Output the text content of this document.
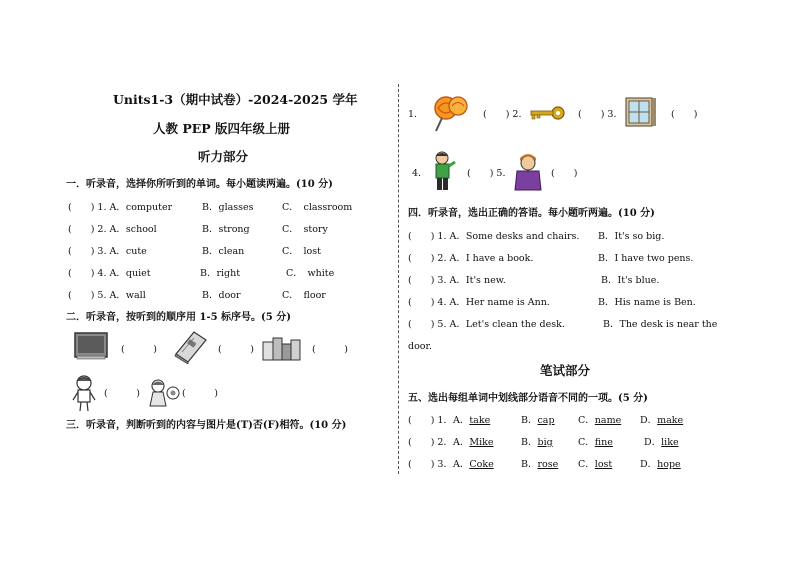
Units1-3（期中试卷）-2024-2025 学年
人教 PEP 版四年级上册
听力部分
一．听录音，选择你所听到的单词。每小题读两遍。(10 分)
(　　) 1. A．computer	B．glasses	C．　classroom
(　　) 2. A．school	B．strong	C．　story
(　　) 3. A．cute	B．clean	C．　lost
(　　) 4. A．quiet	B．right	C．　white
(　　) 5. A．wall	B．door	C．　floor
二．听录音，按听到的顺序用 1-5 标序号。(5 分)
(　　　)	(　　　)	(　　　)
(　　　)	(　　　)
三．听录音，判断听到的内容与图片是(T)否(F)相符。(10 分)
1.	(　　) 2.	(　　) 3.	(　　)
4.	(　　) 5.	(　　)
四．听录音，选出正确的答语。每小题听两遍。(10 分)
(　　) 1. A．Some desks and chairs. B．It's so big.
(　　) 2. A．I have a book.	B．I have two pens.
(　　) 3. A．It's new.	B．It's blue.
(　　) 4. A．Her name is Ann.	B．His name is Ben.
(　　) 5. A．Let's clean the desk.	B．The desk is near the
door.
笔试部分
五、选出每组单词中划线部分语音不同的一项。(5 分)
(　　) 1．A．take	B．cap C．name D．make
(　　) 2．A．Mike	B．big	C．fine	D．like
(　　) 3．A．Coke	B．rose C．lost	D．hope
